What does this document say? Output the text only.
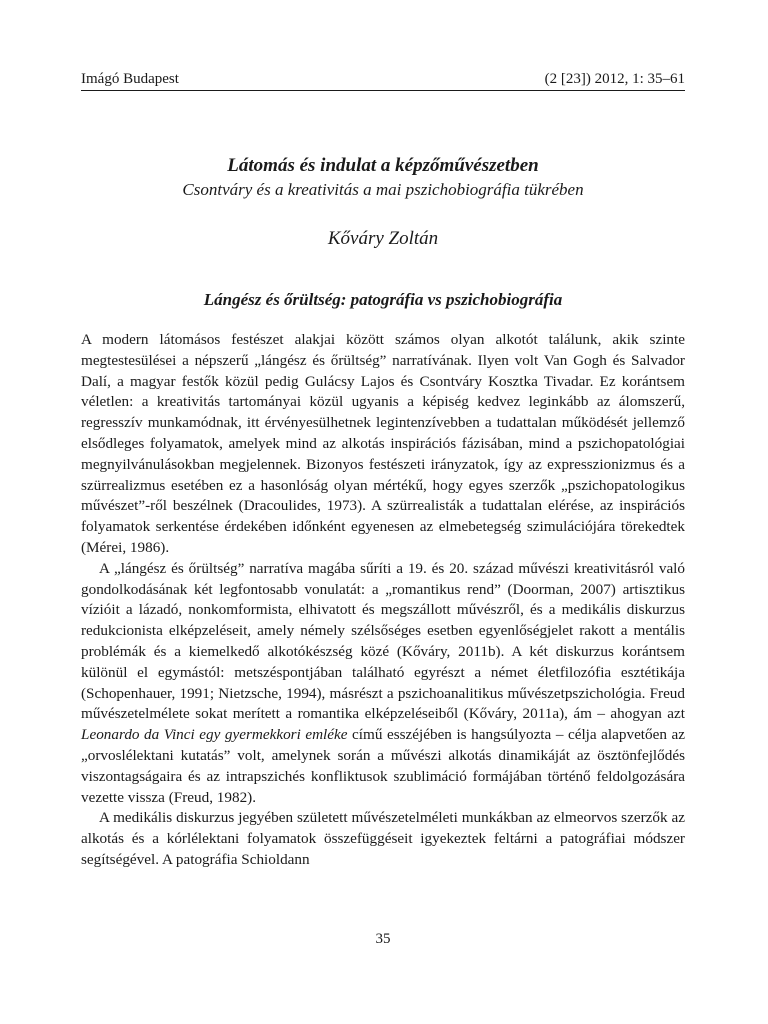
Imágó Budapest	(2 [23]) 2012, 1: 35–61
Látomás és indulat a képzőművészetben
Csontváry és a kreativitás a mai pszichobiográfia tükrében
Kőváry Zoltán
Lángész és őrültség: patográfia vs pszichobiográfia

A modern látomásos festészet alakjai között számos olyan alkotót találunk, akik szinte megtestesülései a népszerű „lángész és őrültség” narratívának. Ilyen volt Van Gogh és Salvador Dalí, a magyar festők közül pedig Gulácsy Lajos és Csontváry Kosztka Tivadar. Ez korántsem véletlen: a kreativitás tartományai közül ugyanis a képiség kedvez leginkább az álomszerű, regresszív munkamódnak, itt érvényesülhetnek legintenzívebben a tudattalan működését jellemző elsődleges folyamatok, amelyek mind az alkotás inspirációs fázisában, mind a pszichopatológiai megnyilvánulásokban megjelennek. Bizonyos festészeti irányzatok, így az expresszionizmus és a szürrealizmus esetében ez a hasonlóság olyan mértékű, hogy egyes szerzők „pszichopatologikus művészet”-ről beszélnek (Dracoulides, 1973). A szürrealisták a tudattalan elérése, az inspirációs folyamatok serkentése érdekében időnként egyenesen az elmebetegség szimulációjára törekedtek (Mérei, 1986).

A „lángész és őrültség” narratíva magába sűríti a 19. és 20. század művészi kreativitásról való gondolkodásának két legfontosabb vonulatát: a „romantikus rend” (Doorman, 2007) artisztikus vízióit a lázadó, nonkomformista, elhivatott és megszállott művészről, és a medikális diskurzus redukcionista elképzeléseit, amely némely szélsőséges esetben egyenlőségjelet rakott a mentális problémák és a kiemelkedő alkotókészség közé (Kőváry, 2011b). A két diskurzus korántsem különül el egymástól: metszéspontjában található egyrészt a német életfilozófia esztétikája (Schopenhauer, 1991; Nietzsche, 1994), másrészt a pszichoanalitikus művészetpszichológia. Freud művészetelmélete sokat merített a romantika elképzeléseiből (Kőváry, 2011a), ám – ahogyan azt Leonardo da Vinci egy gyermekkori emléke című esszéjében is hangsúlyozta – célja alapvetően az „orvoslélektani kutatás” volt, amelynek során a művészi alkotás dinamikáját az ösztönfejlődés viszontagságaira és az intrapszichés konfliktusok szublimáció formájában történő feldolgozására vezette vissza (Freud, 1982).

A medikális diskurzus jegyében született művészetelméleti munkákban az elmeorvos szerzők az alkotás és a kórlélektani folyamatok összefüggéseit igyekeztek feltárni a patográfiai módszer segítségével. A patográfia Schioldann

35
